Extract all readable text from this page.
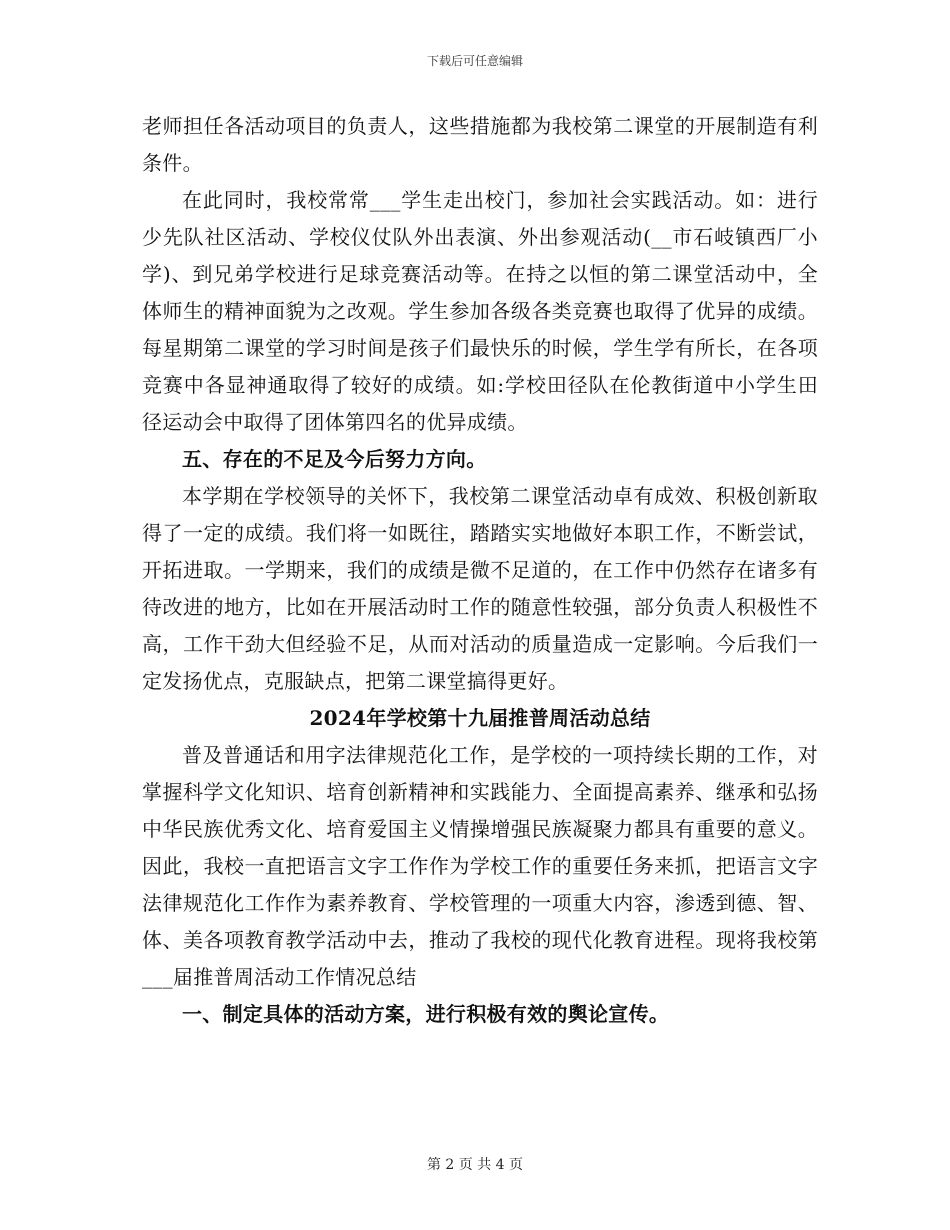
下载后可任意编辑

老师担任各活动项目的负责人，这些措施都为我校第二课堂的开展制造有利条件。

在此同时，我校常常___学生走出校门，参加社会实践活动。如：进行少先队社区活动、学校仪仗队外出表演、外出参观活动(__市石岐镇西厂小学)、到兄弟学校进行足球竞赛活动等。在持之以恒的第二课堂活动中，全体师生的精神面貌为之改观。学生参加各级各类竞赛也取得了优异的成绩。每星期第二课堂的学习时间是孩子们最快乐的时候，学生学有所长，在各项竞赛中各显神通取得了较好的成绩。如:学校田径队在伦教街道中小学生田径运动会中取得了团体第四名的优异成绩。

五、存在的不足及今后努力方向。

本学期在学校领导的关怀下，我校第二课堂活动卓有成效、积极创新取得了一定的成绩。我们将一如既往，踏踏实实地做好本职工作，不断尝试，开拓进取。一学期来，我们的成绩是微不足道的，在工作中仍然存在诸多有待改进的地方，比如在开展活动时工作的随意性较强，部分负责人积极性不高，工作干劲大但经验不足，从而对活动的质量造成一定影响。今后我们一定发扬优点，克服缺点，把第二课堂搞得更好。

2024年学校第十九届推普周活动总结

普及普通话和用字法律规范化工作，是学校的一项持续长期的工作，对掌握科学文化知识、培育创新精神和实践能力、全面提高素养、继承和弘扬中华民族优秀文化、培育爱国主义情操增强民族凝聚力都具有重要的意义。因此，我校一直把语言文字工作作为学校工作的重要任务来抓，把语言文字法律规范化工作作为素养教育、学校管理的一项重大内容，渗透到德、智、体、美各项教育教学活动中去，推动了我校的现代化教育进程。现将我校第___届推普周活动工作情况总结

一、制定具体的活动方案，进行积极有效的舆论宣传。

第 2 页 共 4 页
